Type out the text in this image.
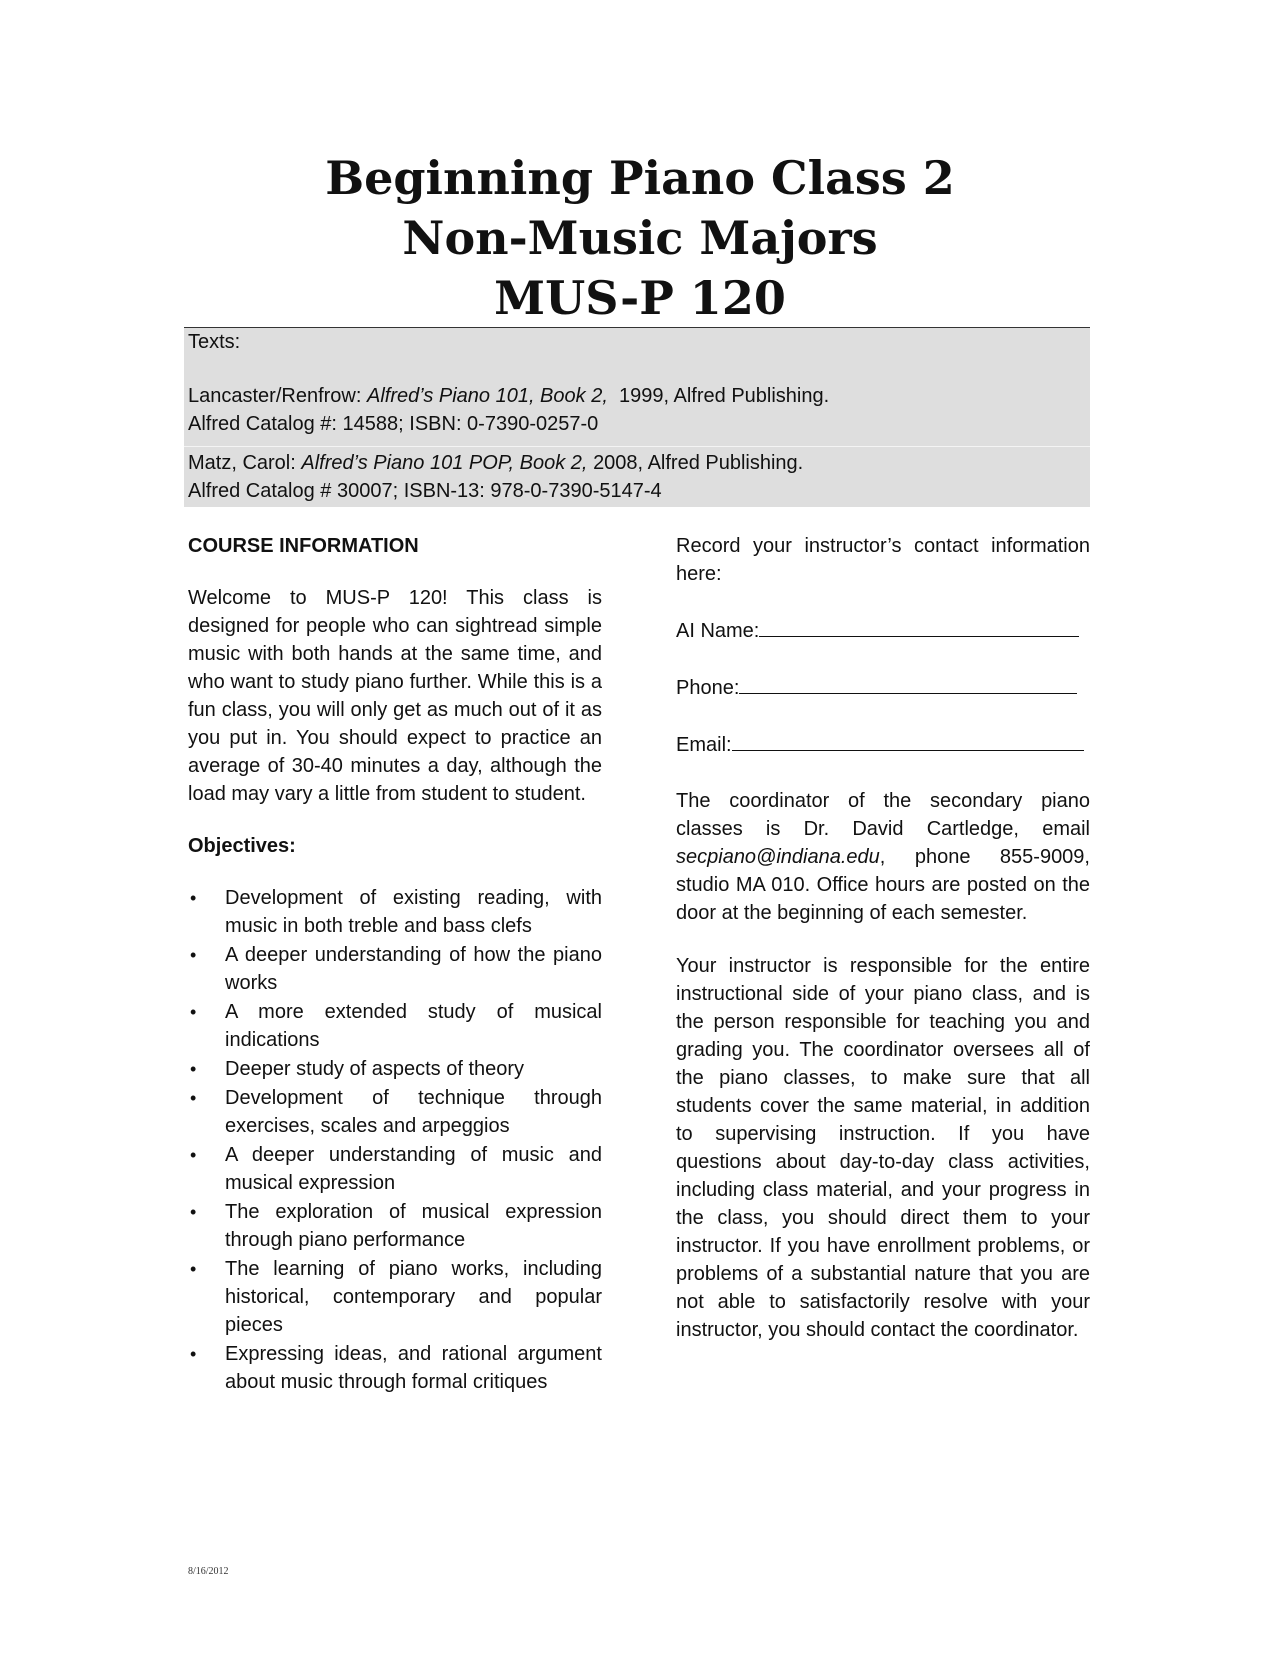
Beginning Piano Class 2
Non-Music Majors
MUS-P 120
Texts:
Lancaster/Renfrow: Alfred’s Piano 101, Book 2, 1999, Alfred Publishing.
Alfred Catalog #: 14588; ISBN: 0-7390-0257-0
Matz, Carol: Alfred’s Piano 101 POP, Book 2, 2008, Alfred Publishing.
Alfred Catalog # 30007; ISBN-13: 978-0-7390-5147-4

COURSE INFORMATION

Welcome to MUS-P 120! This class is designed for people who can sightread simple music with both hands at the same time, and who want to study piano further. While this is a fun class, you will only get as much out of it as you put in. You should expect to practice an average of 30-40 minutes a day, although the load may vary a little from student to student.

Objectives:

• Development of existing reading, with music in both treble and bass clefs
• A deeper understanding of how the piano works
• A more extended study of musical indications
• Deeper study of aspects of theory
• Development of technique through exercises, scales and arpeggios
• A deeper understanding of music and musical expression
• The exploration of musical expression through piano performance
• The learning of piano works, including historical, contemporary and popular pieces
• Expressing ideas, and rational argument about music through formal critiques

Record your instructor’s contact information here:

AI Name:

Phone:

Email:

The coordinator of the secondary piano classes is Dr. David Cartledge, email secpiano@indiana.edu, phone 855-9009, studio MA 010. Office hours are posted on the door at the beginning of each semester.

Your instructor is responsible for the entire instructional side of your piano class, and is the person responsible for teaching you and grading you. The coordinator oversees all of the piano classes, to make sure that all students cover the same material, in addition to supervising instruction. If you have questions about day-to-day class activities, including class material, and your progress in the class, you should direct them to your instructor. If you have enrollment problems, or problems of a substantial nature that you are not able to satisfactorily resolve with your instructor, you should contact the coordinator.

8/16/2012
